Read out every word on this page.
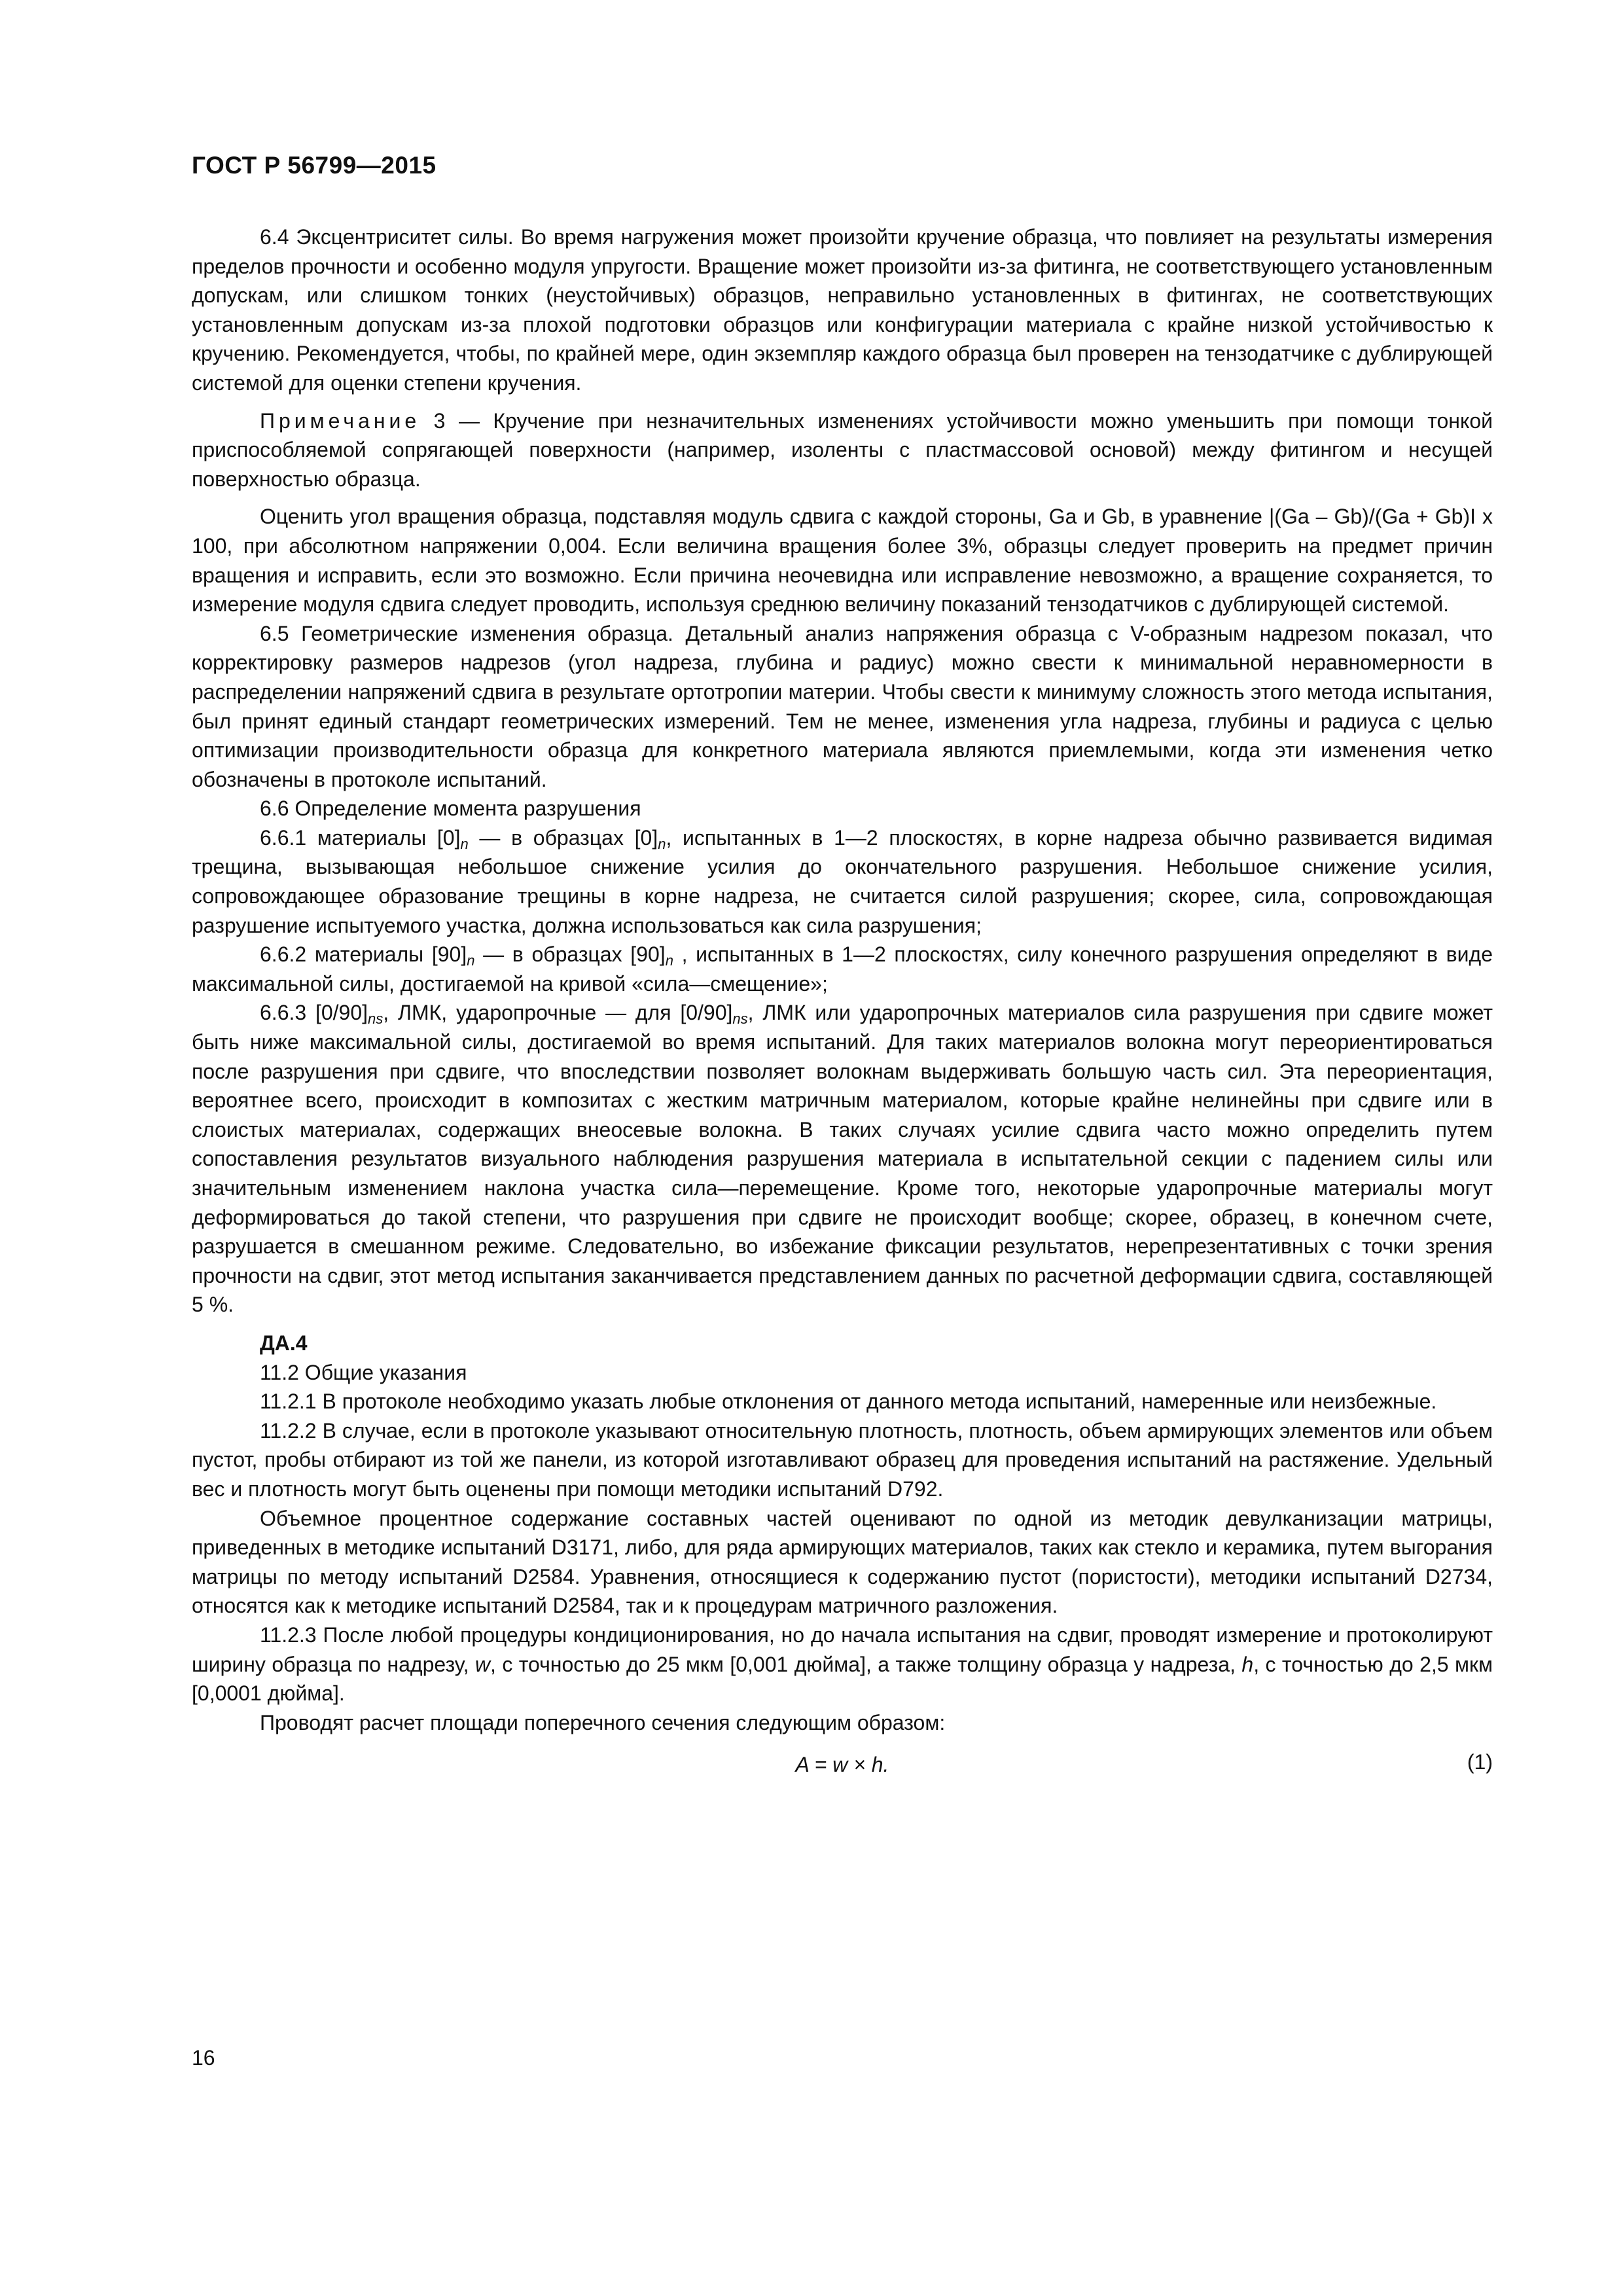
ГОСТ Р 56799—2015

6.4 Эксцентриситет силы. Во время нагружения может произойти кручение образца, что повлияет на результаты измерения пределов прочности и особенно модуля упругости. Вращение может произойти из-за фитинга, не соответствующего установленным допускам, или слишком тонких (неустойчивых) образцов, неправильно установленных в фитингах, не соответствующих установленным допускам из-за плохой подготовки образцов или конфигурации материала с крайне низкой устойчивостью к кручению. Рекомендуется, чтобы, по крайней мере, один экземпляр каждого образца был проверен на тензодатчике с дублирующей системой для оценки степени кручения.

Примечание 3 — Кручение при незначительных изменениях устойчивости можно уменьшить при помощи тонкой приспособляемой сопрягающей поверхности (например, изоленты с пластмассовой основой) между фитингом и несущей поверхностью образца.

Оценить угол вращения образца, подставляя модуль сдвига с каждой стороны, Ga и Gb, в уравнение |(Ga – Gb)/(Ga + Gb)I x 100, при абсолютном напряжении 0,004. Если величина вращения более 3%, образцы следует проверить на предмет причин вращения и исправить, если это возможно. Если причина неочевидна или исправление невозможно, а вращение сохраняется, то измерение модуля сдвига следует проводить, используя среднюю величину показаний тензодатчиков с дублирующей системой.

6.5 Геометрические изменения образца. Детальный анализ напряжения образца с V-образным надрезом показал, что корректировку размеров надрезов (угол надреза, глубина и радиус) можно свести к минимальной неравномерности в распределении напряжений сдвига в результате ортотропии материи. Чтобы свести к минимуму сложность этого метода испытания, был принят единый стандарт геометрических измерений. Тем не менее, изменения угла надреза, глубины и радиуса с целью оптимизации производительности образца для конкретного материала являются приемлемыми, когда эти изменения четко обозначены в протоколе испытаний.

6.6 Определение момента разрушения

6.6.1 материалы $[0]_n$ — в образцах $[0]_n$, испытанных в 1—2 плоскостях, в корне надреза обычно развивается видимая трещина, вызывающая небольшое снижение усилия до окончательного разрушения. Небольшое снижение усилия, сопровождающее образование трещины в корне надреза, не считается силой разрушения; скорее, сила, сопровождающая разрушение испытуемого участка, должна использоваться как сила разрушения;

6.6.2 материалы $[90]_n$ — в образцах $[90]_n$ , испытанных в 1—2 плоскостях, силу конечного разрушения определяют в виде максимальной силы, достигаемой на кривой «сила—смещение»;

6.6.3 $[0/90]_{ns}$, ЛМК, ударопрочные — для $[0/90]_{ns}$, ЛМК или ударопрочных материалов сила разрушения при сдвиге может быть ниже максимальной силы, достигаемой во время испытаний. Для таких материалов волокна могут переориентироваться после разрушения при сдвиге, что впоследствии позволяет волокнам выдерживать большую часть сил. Эта переориентация, вероятнее всего, происходит в композитах с жестким матричным материалом, которые крайне нелинейны при сдвиге или в слоистых материалах, содержащих внеосевые волокна. В таких случаях усилие сдвига часто можно определить путем сопоставления результатов визуального наблюдения разрушения материала в испытательной секции с падением силы или значительным изменением наклона участка сила—перемещение. Кроме того, некоторые ударопрочные материалы могут деформироваться до такой степени, что разрушения при сдвиге не происходит вообще; скорее, образец, в конечном счете, разрушается в смешанном режиме. Следовательно, во избежание фиксации результатов, нерепрезентативных с точки зрения прочности на сдвиг, этот метод испытания заканчивается представлением данных по расчетной деформации сдвига, составляющей 5 %.

ДА.4

11.2 Общие указания

11.2.1 В протоколе необходимо указать любые отклонения от данного метода испытаний, намеренные или неизбежные.

11.2.2 В случае, если в протоколе указывают относительную плотность, плотность, объем армирующих элементов или объем пустот, пробы отбирают из той же панели, из которой изготавливают образец для проведения испытаний на растяжение. Удельный вес и плотность могут быть оценены при помощи методики испытаний D792.

Объемное процентное содержание составных частей оценивают по одной из методик девулканизации матрицы, приведенных в методике испытаний D3171, либо, для ряда армирующих материалов, таких как стекло и керамика, путем выгорания матрицы по методу испытаний D2584. Уравнения, относящиеся к содержанию пустот (пористости), методики испытаний D2734, относятся как к методике испытаний D2584, так и к процедурам матричного разложения.

11.2.3 После любой процедуры кондиционирования, но до начала испытания на сдвиг, проводят измерение и протоколируют ширину образца по надрезу, w, с точностью до 25 мкм [0,001 дюйма], а также толщину образца у надреза, h, с точностью до 2,5 мкм [0,0001 дюйма].

Проводят расчет площади поперечного сечения следующим образом:

A = w × h.	(1)
16
